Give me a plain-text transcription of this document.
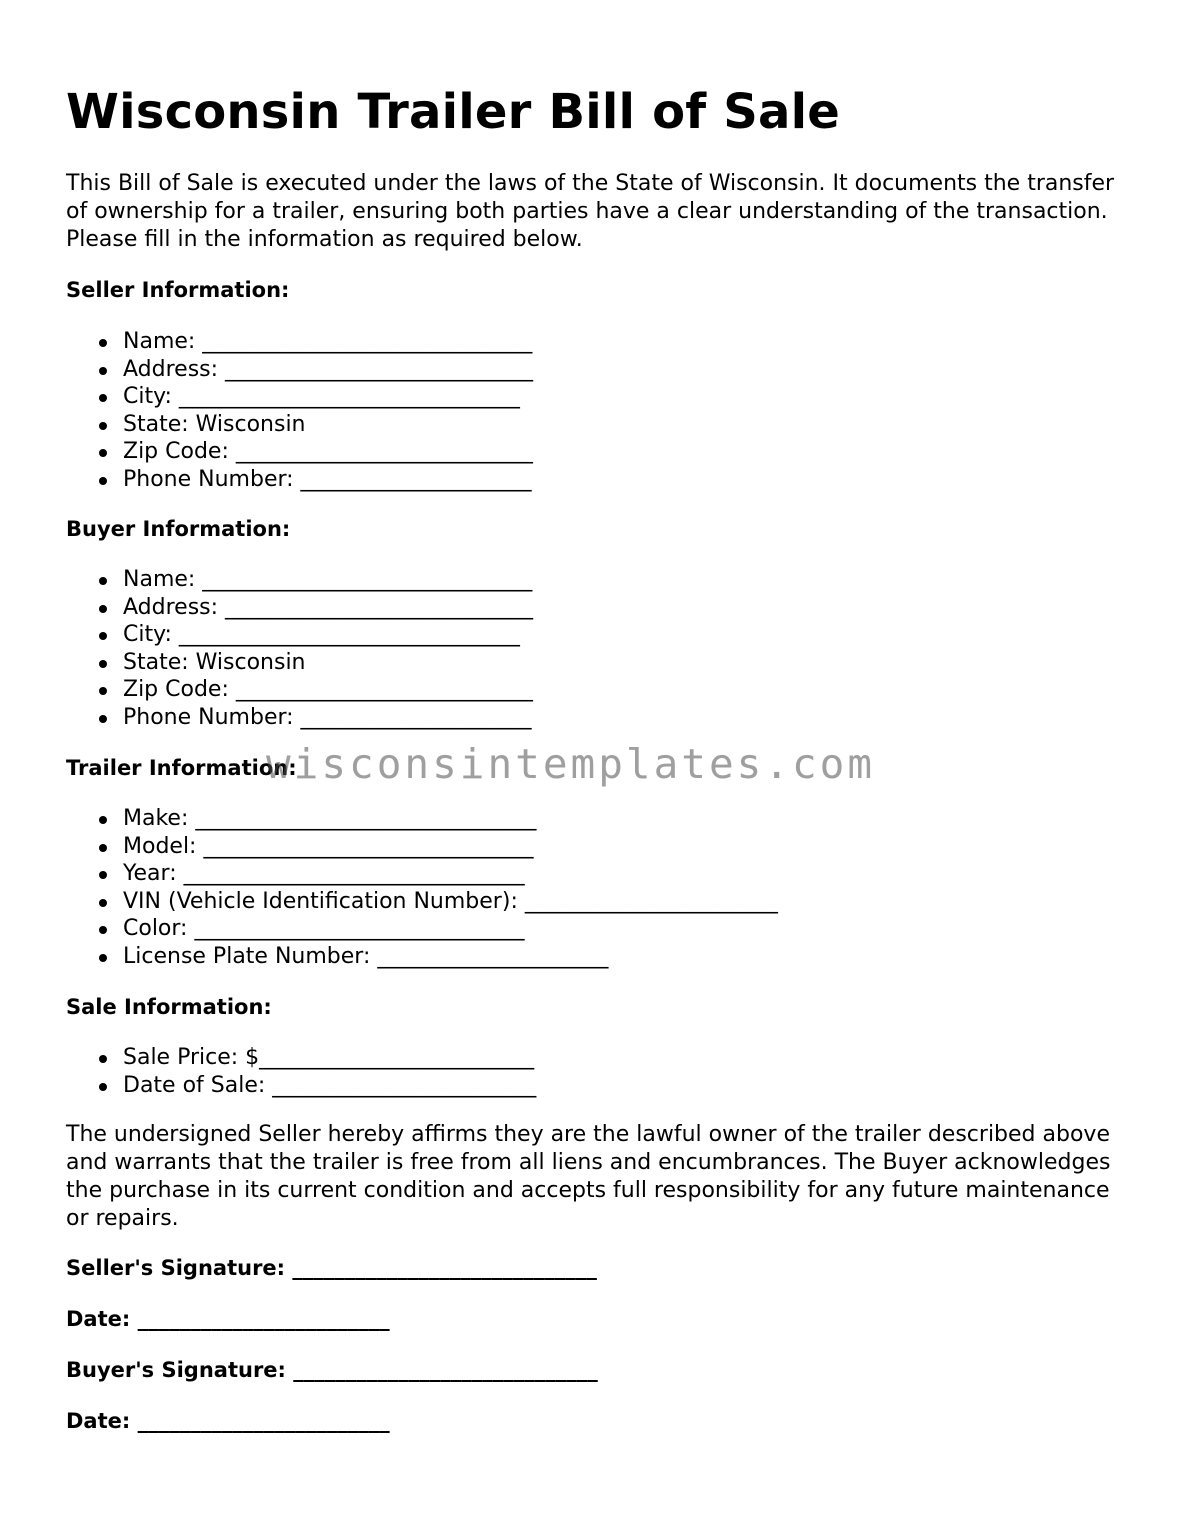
Wisconsin Trailer Bill of Sale

This Bill of Sale is executed under the laws of the State of Wisconsin. It documents the transfer of ownership for a trailer, ensuring both parties have a clear understanding of the transaction. Please fill in the information as required below.

Seller Information:

Name: ______________________________
Address: ____________________________
City: _______________________________
State: Wisconsin
Zip Code: ___________________________
Phone Number: _____________________

Buyer Information:

Name: ______________________________
Address: ____________________________
City: _______________________________
State: Wisconsin
Zip Code: ___________________________
Phone Number: _____________________

Trailer Information:

Make: _______________________________
Model: ______________________________
Year: _______________________________
VIN (Vehicle Identification Number): _______________________
Color: ______________________________
License Plate Number: _____________________

Sale Information:

Sale Price: $_________________________
Date of Sale: ________________________

The undersigned Seller hereby affirms they are the lawful owner of the trailer described above and warrants that the trailer is free from all liens and encumbrances. The Buyer acknowledges the purchase in its current condition and accepts full responsibility for any future maintenance or repairs.

Seller's Signature: _____________________________

Date: ________________________

Buyer's Signature: _____________________________

Date: ________________________

wisconsintemplates.com
